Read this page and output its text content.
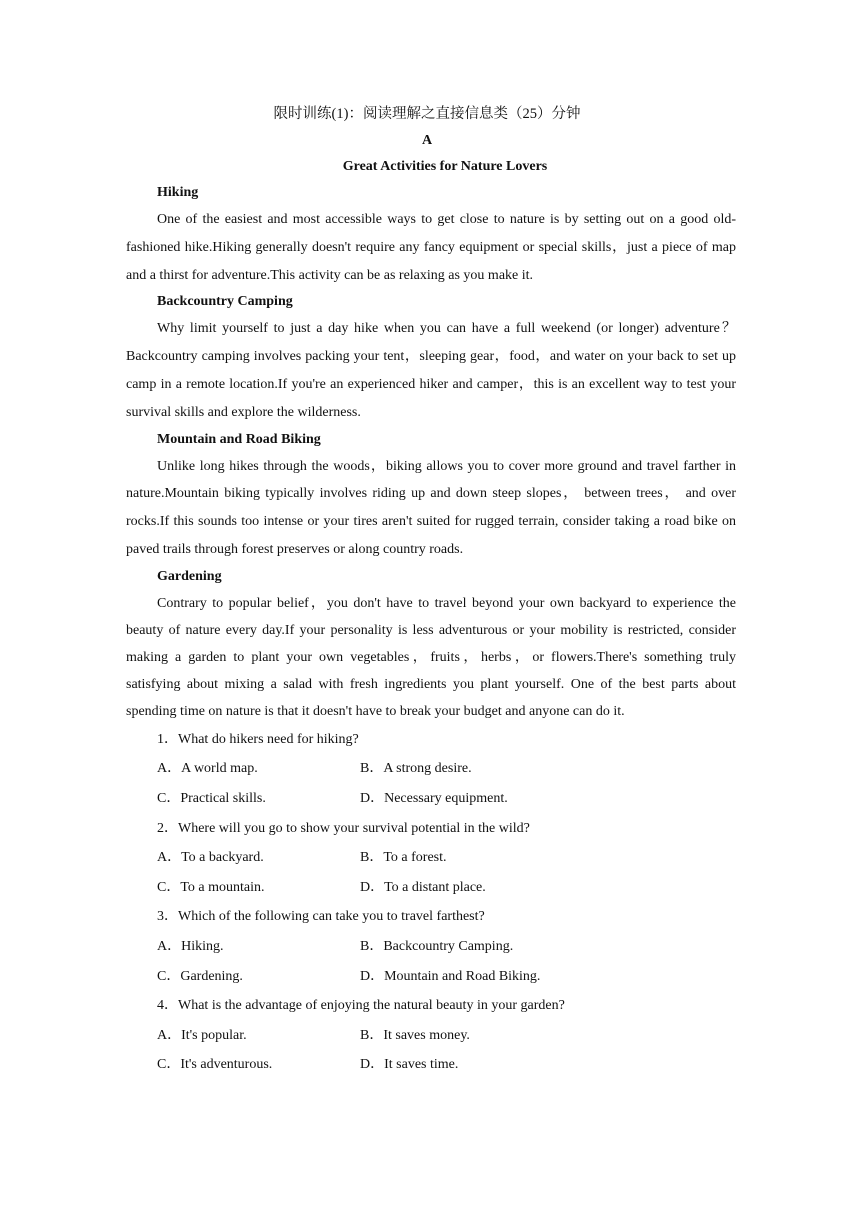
限时训练(1)：阅读理解之直接信息类（25）分钟
A
Great Activities for Nature Lovers
Hiking

One of the easiest and most accessible ways to get close to nature is by setting out on a good old-fashioned hike.Hiking generally doesn't require any fancy equipment or special skills，just a piece of map and a thirst for adventure.This activity can be as relaxing as you make it.

Backcountry Camping

Why limit yourself to just a day hike when you can have a full weekend (or longer) adventure？Backcountry camping involves packing your tent，sleeping gear，food，and water on your back to set up camp in a remote location.If you're an experienced hiker and camper，this is an excellent way to test your survival skills and explore the wilderness.

Mountain and Road Biking

Unlike long hikes through the woods，biking allows you to cover more ground and travel farther in nature.Mountain biking typically involves riding up and down steep slopes， between trees， and over rocks.If this sounds too intense or your tires aren't suited for rugged terrain, consider taking a road bike on paved trails through forest preserves or along country roads.

Gardening

Contrary to popular belief，you don't have to travel beyond your own backyard to experience the beauty of nature every day.If your personality is less adventurous or your mobility is restricted, consider making a garden to plant your own vegetables，fruits，herbs，or flowers.There's something truly satisfying about mixing a salad with fresh ingredients you plant yourself. One of the best parts about spending time on nature is that it doesn't have to break your budget and anyone can do it.

1．What do hikers need for hiking?
A．A world map.	B．A strong desire.
C．Practical skills.	D．Necessary equipment.
2．Where will you go to show your survival potential in the wild?
A．To a backyard.	B．To a forest.
C．To a mountain.	D．To a distant place.
3．Which of the following can take you to travel farthest?
A．Hiking.	B．Backcountry Camping.
C．Gardening.	D．Mountain and Road Biking.
4．What is the advantage of enjoying the natural beauty in your garden?
A．It's popular.	B．It saves money.
C．It's adventurous.	D．It saves time.
